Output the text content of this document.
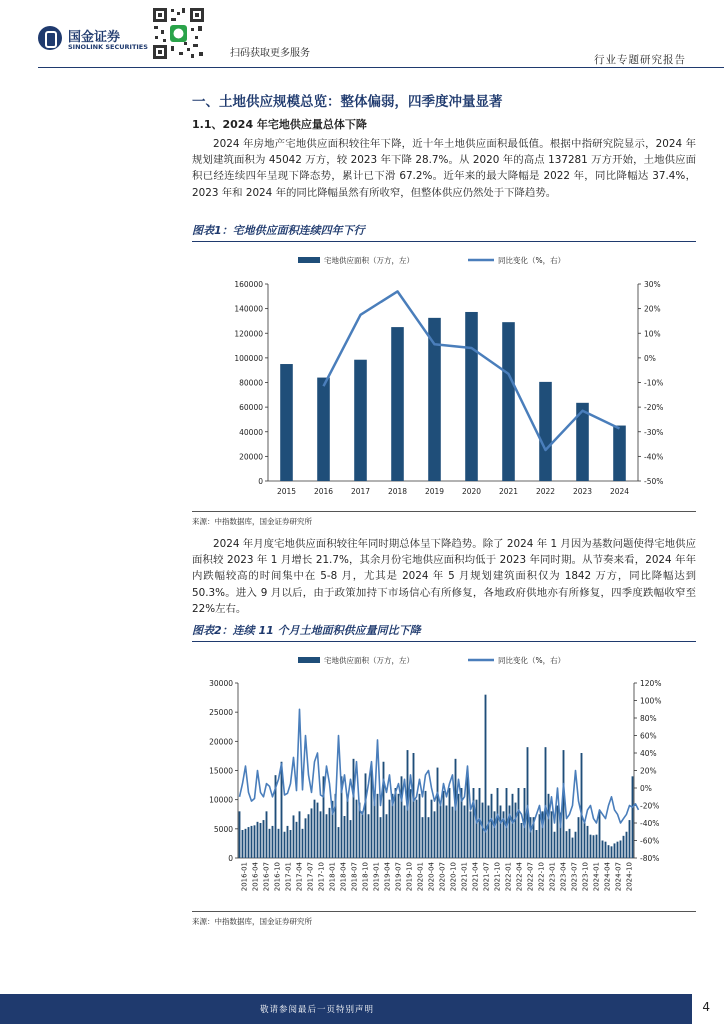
国金证券
SINOLINK SECURITIES
扫码获取更多服务
行业专题研究报告
一、土地供应规模总览：整体偏弱，四季度冲量显著
1.1、2024 年宅地供应量总体下降
2024 年房地产宅地供应面积较往年下降，近十年土地供应面积最低值。根据中指研究院显示，2024 年规划建筑面积为 45042 万方，较 2023 年下降 28.7%。从 2020 年的高点 137281 万方开始，土地供应面积已经连续四年呈现下降态势，累计已下滑 67.2%。近年来的最大降幅是 2022 年，同比降幅达 37.4%，2023 年和 2024 年的同比降幅虽然有所收窄，但整体供应仍然处于下降趋势。
图表1：宅地供应面积连续四年下行
宅地供应面积（万方，左）	同比变化（%，右）
0
20000
40000
60000
80000
100000
120000
140000
160000
-50%
-40%
-30%
-20%
-10%
0%
10%
20%
30%
2015 2016 2017 2018 2019 2020 2021 2022 2023 2024
来源：中指数据库，国金证券研究所
2024 年月度宅地供应面积较往年同时期总体呈下降趋势。除了 2024 年 1 月因为基数问题使得宅地供应面积较 2023 年 1 月增长 21.7%，其余月份宅地供应面积均低于 2023 年同时期。从节奏来看，2024 年年内跌幅较高的时间集中在 5-8 月，尤其是 2024 年 5 月规划建筑面积仅为 1842 万方，同比降幅达到 50.3%。进入 9 月以后，由于政策加持下市场信心有所修复，各地政府供地亦有所修复，四季度跌幅收窄至 22%左右。
图表2：连续 11 个月土地面积供应量同比下降
宅地供应面积（万方，左）	同比变化（%，右）
0
5000
10000
15000
20000
25000
30000
-80%
-60%
-40%
-20%
0%
20%
40%
60%
80%
100%
120%
2016-01 2016-04 2016-07 2016-10 2017-01 2017-04 2017-07 2017-10 2018-01 2018-04 2018-07 2018-10 2019-01 2019-04 2019-07 2019-10 2020-01 2020-04 2020-07 2020-10 2021-01 2021-04 2021-07 2021-10 2022-01 2022-04 2022-07 2022-10 2023-01 2023-04 2023-07 2023-10 2024-01 2024-04 2024-07 2024-10
来源：中指数据库，国金证券研究所
敬请参阅最后一页特别声明	4
